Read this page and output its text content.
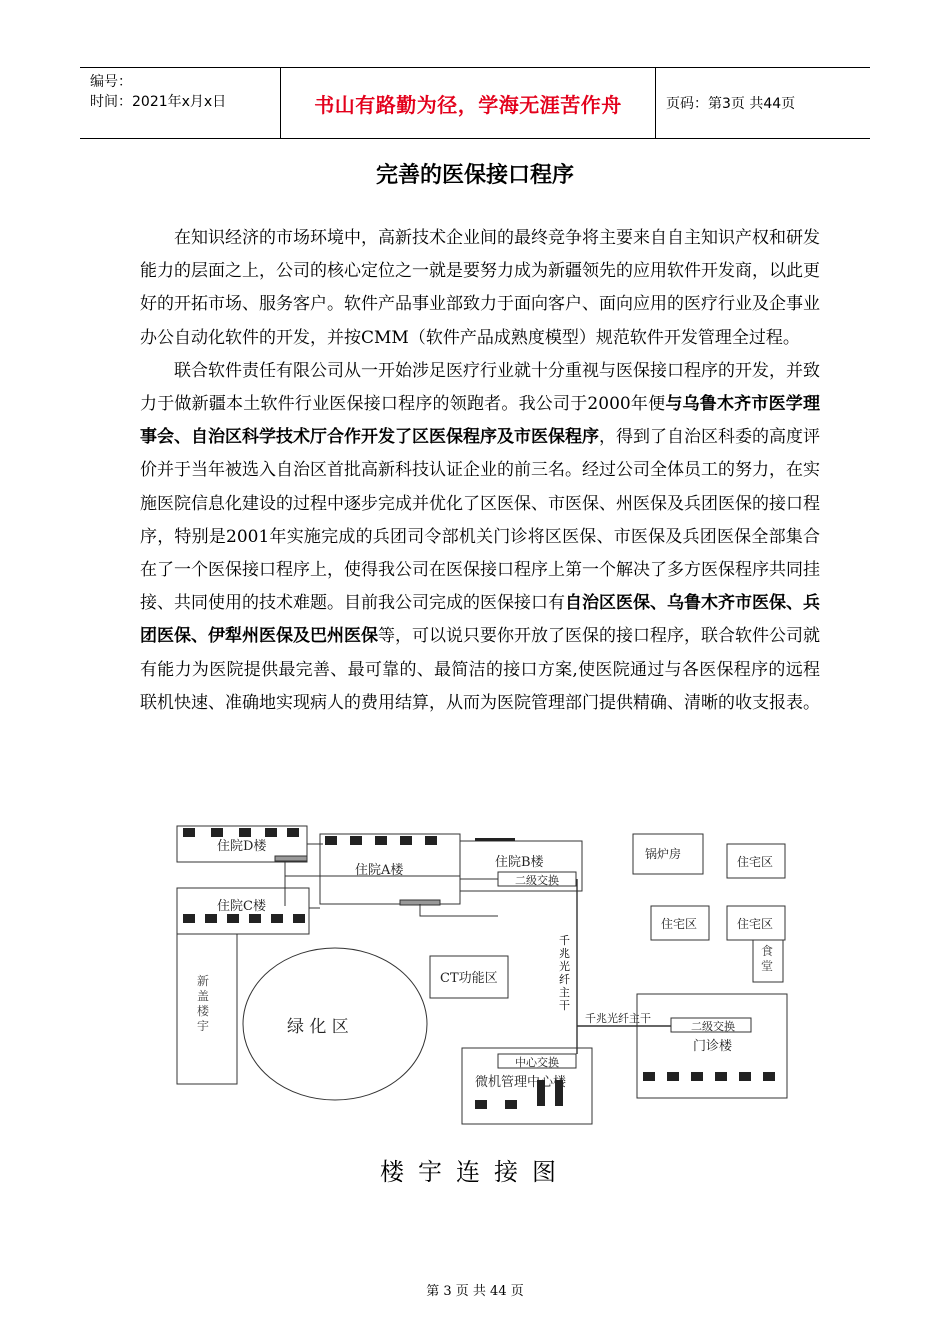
编号：
时间：2021年x月x日	书山有路勤为径，学海无涯苦作舟	页码：第3页 共44页
完善的医保接口程序

在知识经济的市场环境中，高新技术企业间的最终竞争将主要来自自主知识产权和研发能力的层面之上，公司的核心定位之一就是要努力成为新疆领先的应用软件开发商，以此更好的开拓市场、服务客户。软件产品事业部致力于面向客户、面向应用的医疗行业及企事业办公自动化软件的开发，并按CMM（软件产品成熟度模型）规范软件开发管理全过程。

联合软件责任有限公司从一开始涉足医疗行业就十分重视与医保接口程序的开发，并致力于做新疆本土软件行业医保接口程序的领跑者。我公司于2000年便与乌鲁木齐市医学理事会、自治区科学技术厅合作开发了区医保程序及市医保程序，得到了自治区科委的高度评价并于当年被选入自治区首批高新科技认证企业的前三名。经过公司全体员工的努力，在实施医院信息化建设的过程中逐步完成并优化了区医保、市医保、州医保及兵团医保的接口程序，特别是2001年实施完成的兵团司令部机关门诊将区医保、市医保及兵团医保全部集合在了一个医保接口程序上，使得我公司在医保接口程序上第一个解决了多方医保程序共同挂接、共同使用的技术难题。目前我公司完成的医保接口有自治区医保、乌鲁木齐市医保、兵团医保、伊犁州医保及巴州医保等，可以说只要你开放了医保的接口程序，联合软件公司就有能力为医院提供最完善、最可靠的、最简洁的接口方案,使医院通过与各医保程序的远程联机快速、准确地实现病人的费用结算，从而为医院管理部门提供精确、清晰的收支报表。

住院D楼
住院A楼
住院B楼
住院C楼
二级交换
锅炉房
住宅区
住宅区	住宅区
绿 化 区
CT功能区
二级交换
门诊楼
中心交换
微机管理中心楼
千兆光纤主干
千兆光纤主干
新盖楼宇
食堂
楼宇连接图
第 3 页 共 44 页
